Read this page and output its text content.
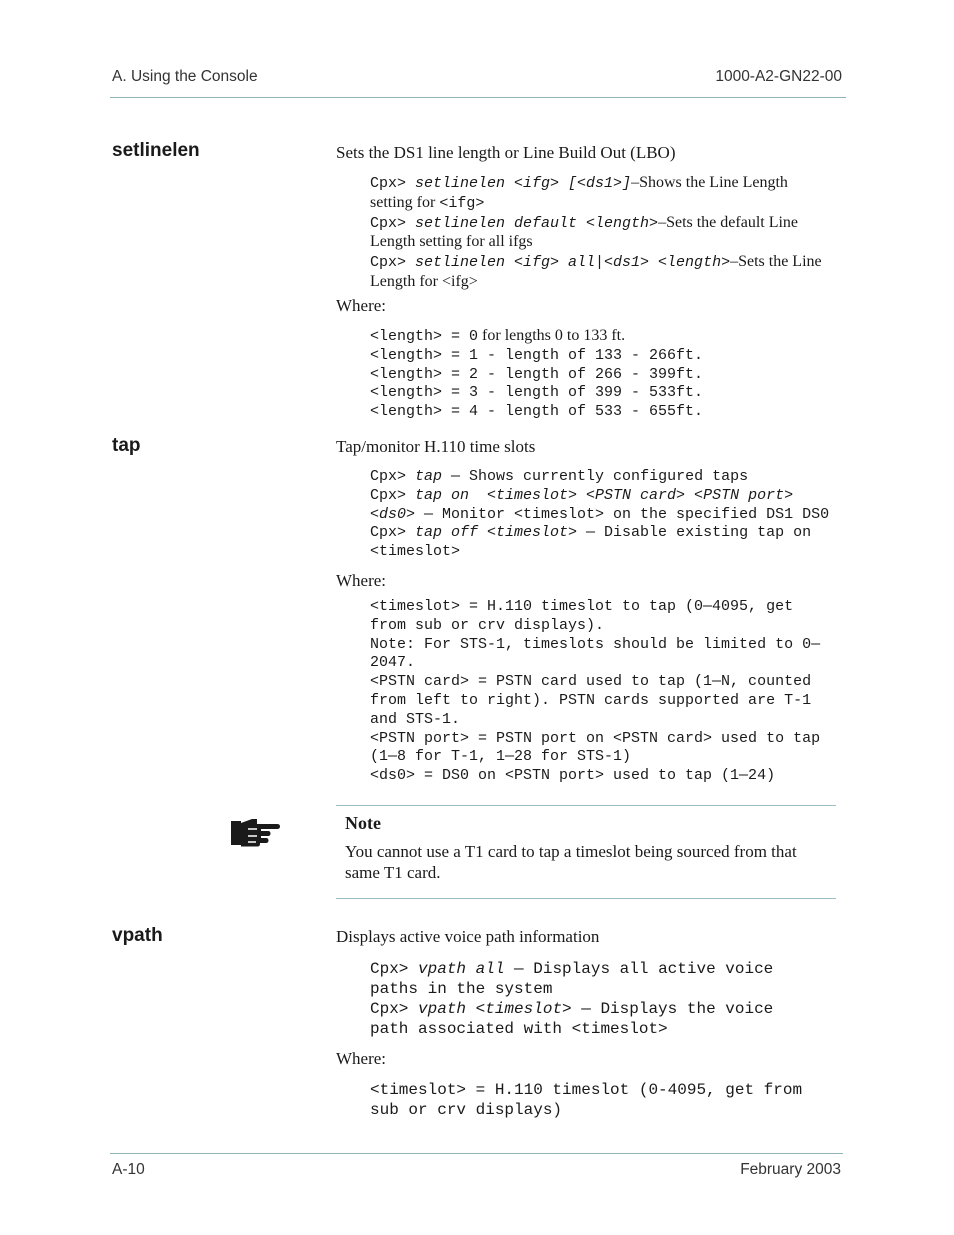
A. Using the Console	1000-A2-GN22-00
setlinelen	Sets the DS1 line length or Line Build Out (LBO)
Cpx> setlinelen <ifg> [<ds1>]–Shows the Line Length
setting for <ifg>
Cpx> setlinelen default <length>–Sets the default Line
Length setting for all ifgs
Cpx> setlinelen <ifg> all|<ds1> <length>–Sets the Line
Length for <ifg>
Where:
<length> = 0 for lengths 0 to 133 ft.
<length> = 1 - length of 133 - 266ft.
<length> = 2 - length of 266 - 399ft.
<length> = 3 - length of 399 - 533ft.
<length> = 4 - length of 533 - 655ft.
tap	Tap/monitor H.110 time slots
Cpx> tap — Shows currently configured taps
Cpx> tap on  <timeslot> <PSTN card> <PSTN port>
<ds0> — Monitor <timeslot> on the specified DS1 DS0
Cpx> tap off <timeslot> — Disable existing tap on
<timeslot>
Where:
<timeslot> = H.110 timeslot to tap (0—4095, get
from sub or crv displays).
Note: For STS-1, timeslots should be limited to 0—
2047.
<PSTN card> = PSTN card used to tap (1—N, counted
from left to right). PSTN cards supported are T-1
and STS-1.
<PSTN port> = PSTN port on <PSTN card> used to tap
(1—8 for T-1, 1—28 for STS-1)
<ds0> = DS0 on <PSTN port> used to tap (1—24)
Note
You cannot use a T1 card to tap a timeslot being sourced from that same T1 card.
vpath	Displays active voice path information
Cpx> vpath all — Displays all active voice
paths in the system
Cpx> vpath <timeslot> — Displays the voice
path associated with <timeslot>
Where:
<timeslot> = H.110 timeslot (0-4095, get from
sub or crv displays)
A-10	February 2003
